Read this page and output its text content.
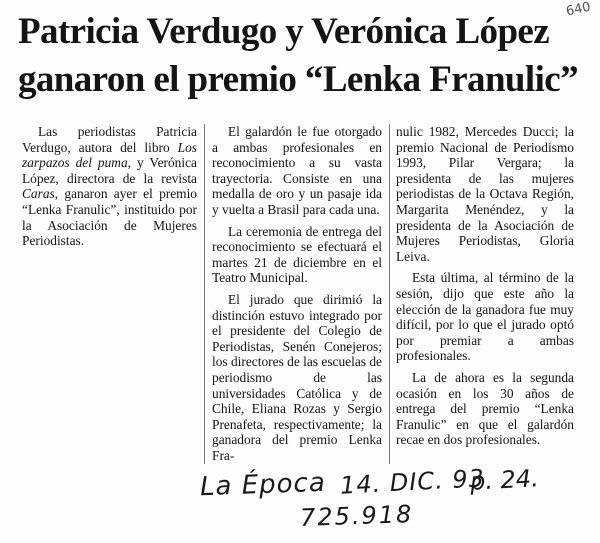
640
Patricia Verdugo y Verónica López ganaron el premio “Lenka Franulic”

Las periodistas Patricia Verdugo, autora del libro Los zarpazos del puma, y Verónica López, directora de la revista Caras, ganaron ayer el premio “Lenka Franulic”, instituido por la Asociación de Mujeres Periodistas.

El galardón le fue otorgado a ambas profesionales en reconocimiento a su vasta trayectoria. Consiste en una medalla de oro y un pasaje ida y vuelta a Brasil para cada una.

La ceremonia de entrega del reconocimiento se efectuará el martes 21 de diciembre en el Teatro Municipal.

El jurado que dirimió la distinción estuvo integrado por el presidente del Colegio de Periodistas, Senén Conejeros; los directores de las escuelas de periodismo de las universidades Católica y de Chile, Eliana Rozas y Sergio Prenafeta, respectivamente; la ganadora del premio Lenka Fra-

nulic 1982, Mercedes Ducci; la premio Nacional de Periodismo 1993, Pilar Vergara; la presidenta de las mujeres periodistas de la Octava Región, Margarita Menéndez, y la presidenta de la Asociación de Mujeres Periodistas, Gloria Leiva.

Esta última, al término de la sesión, dijo que este año la elección de la ganadora fue muy difícil, por lo que el jurado optó por premiar a ambas profesionales.

La de ahora es la segunda ocasión en los 30 años de entrega del premio “Lenka Franulic” en que el galardón recae en dos profesionales.

La Época 14. DIC. 93
p. 24.
725.918
